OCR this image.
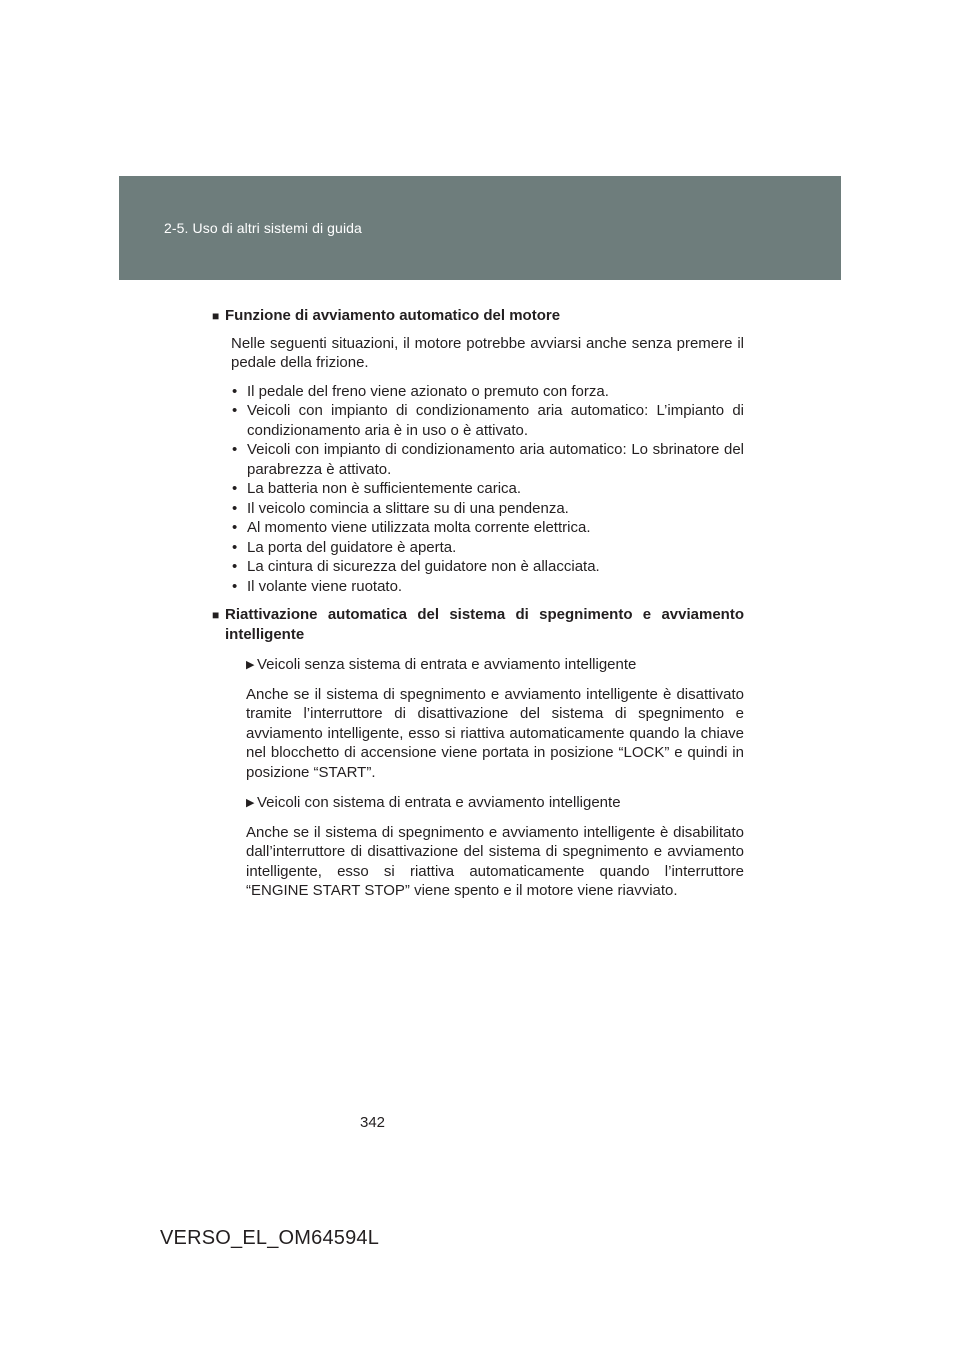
2-5. Uso di altri sistemi di guida
■ Funzione di avviamento automatico del motore
Nelle seguenti situazioni, il motore potrebbe avviarsi anche senza premere il pedale della frizione.
• Il pedale del freno viene azionato o premuto con forza.
• Veicoli con impianto di condizionamento aria automatico: L’impianto di condizionamento aria è in uso o è attivato.
• Veicoli con impianto di condizionamento aria automatico: Lo sbrinatore del parabrezza è attivato.
• La batteria non è sufficientemente carica.
• Il veicolo comincia a slittare su di una pendenza.
• Al momento viene utilizzata molta corrente elettrica.
• La porta del guidatore è aperta.
• La cintura di sicurezza del guidatore non è allacciata.
• Il volante viene ruotato.
■ Riattivazione automatica del sistema di spegnimento e avviamento intelligente
▶ Veicoli senza sistema di entrata e avviamento intelligente
Anche se il sistema di spegnimento e avviamento intelligente è disattivato tramite l’interruttore di disattivazione del sistema di spegnimento e avviamento intelligente, esso si riattiva automaticamente quando la chiave nel blocchetto di accensione viene portata in posizione “LOCK” e quindi in posizione “START”.
▶ Veicoli con sistema di entrata e avviamento intelligente
Anche se il sistema di spegnimento e avviamento intelligente è disabilitato dall’interruttore di disattivazione del sistema di spegnimento e avviamento intelligente, esso si riattiva automaticamente quando l’interruttore “ENGINE START STOP” viene spento e il motore viene riavviato.
342
VERSO_EL_OM64594L
